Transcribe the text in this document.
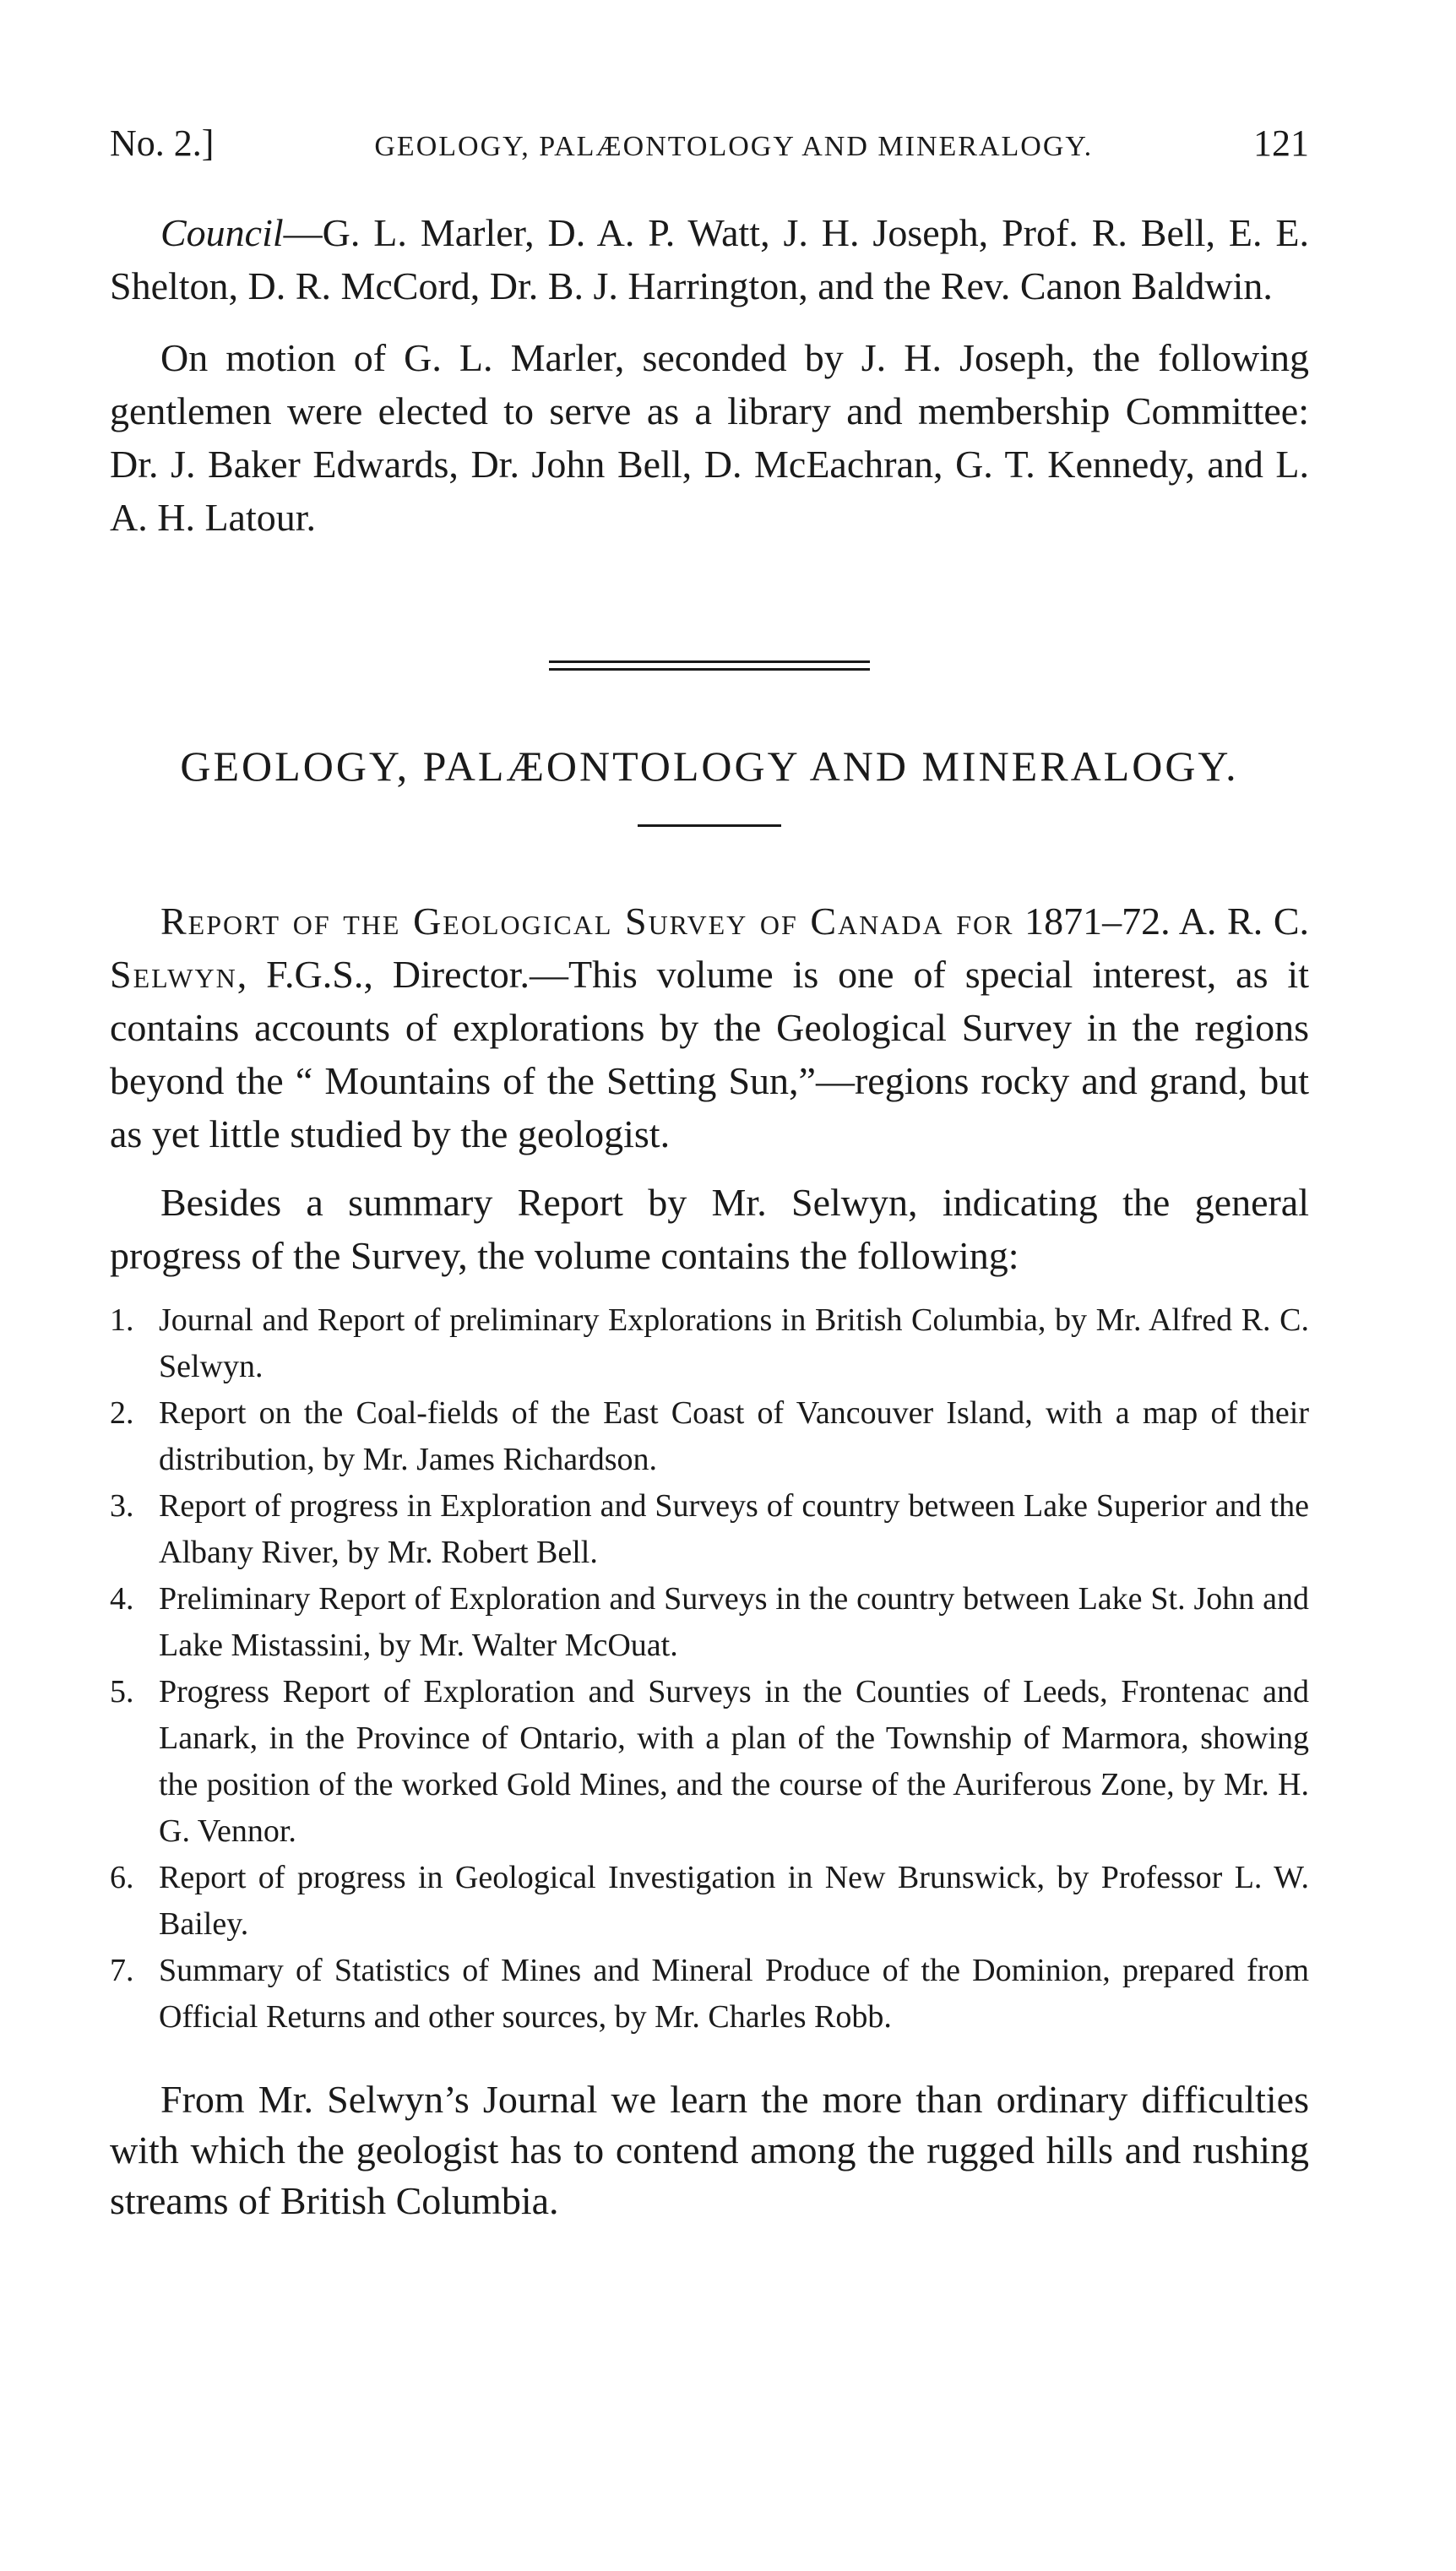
No. 2.]	GEOLOGY, PALÆONTOLOGY AND MINERALOGY.	121

Council—G. L. Marler, D. A. P. Watt, J. H. Joseph, Prof. R. Bell, E. E. Shelton, D. R. McCord, Dr. B. J. Harrington, and the Rev. Canon Baldwin.

On motion of G. L. Marler, seconded by J. H. Joseph, the following gentlemen were elected to serve as a library and membership Committee: Dr. J. Baker Edwards, Dr. John Bell, D. McEachran, G. T. Kennedy, and L. A. H. Latour.

GEOLOGY, PALÆONTOLOGY AND MINERALOGY.

Report of the Geological Survey of Canada for 1871–72. A. R. C. Selwyn, F.G.S., Director.—This volume is one of special interest, as it contains accounts of explorations by the Geological Survey in the regions beyond the “ Mountains of the Setting Sun,”—regions rocky and grand, but as yet little studied by the geologist.

Besides a summary Report by Mr. Selwyn, indicating the general progress of the Survey, the volume contains the following:

1. Journal and Report of preliminary Explorations in British Columbia, by Mr. Alfred R. C. Selwyn.
2. Report on the Coal-fields of the East Coast of Vancouver Island, with a map of their distribution, by Mr. James Richardson.
3. Report of progress in Exploration and Surveys of country between Lake Superior and the Albany River, by Mr. Robert Bell.
4. Preliminary Report of Exploration and Surveys in the country between Lake St. John and Lake Mistassini, by Mr. Walter McOuat.
5. Progress Report of Exploration and Surveys in the Counties of Leeds, Frontenac and Lanark, in the Province of Ontario, with a plan of the Township of Marmora, showing the position of the worked Gold Mines, and the course of the Auriferous Zone, by Mr. H. G. Vennor.
6. Report of progress in Geological Investigation in New Brunswick, by Professor L. W. Bailey.
7. Summary of Statistics of Mines and Mineral Produce of the Dominion, prepared from Official Returns and other sources, by Mr. Charles Robb.

From Mr. Selwyn’s Journal we learn the more than ordinary difficulties with which the geologist has to contend among the rugged hills and rushing streams of British Columbia.
